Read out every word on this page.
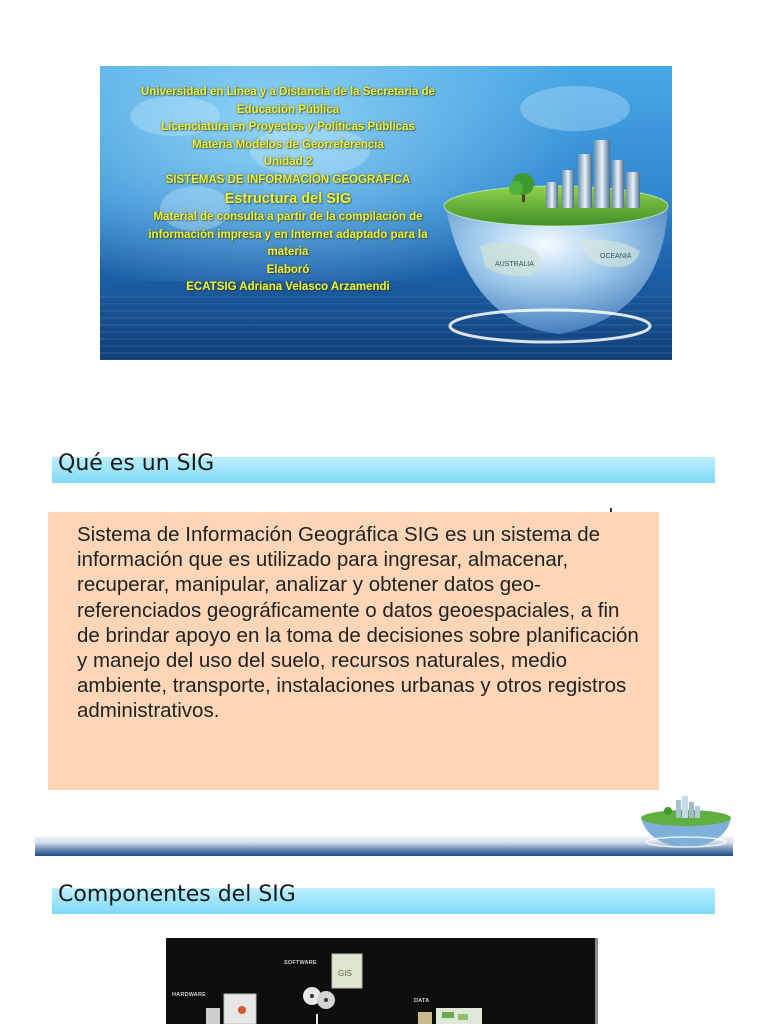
AUSTRALIA
OCEANIA
Universidad en Línea y a Distancia de la Secretaria de
Educación Pública
Licenciatura en Proyectos y Políticas Públicas
Materia Modelos de Georreferencia
Unidad 2
SISTEMAS DE INFORMACIÓN GEOGRÁFICA
Estructura del SIG
Material de consulta a partir de la compilación de
información impresa y en Internet adaptado para la
materia
Elaboró
ECATSIG Adriana Velasco Arzamendi
Qué es un SIG

Sistema de Información Geográfica SIG es un sistema de información que es utilizado para ingresar, almacenar, recuperar, manipular, analizar y obtener datos geo-referenciados geográficamente o datos geoespaciales, a fin de brindar apoyo en la toma de decisiones sobre planificación y manejo del uso del suelo, recursos naturales, medio ambiente, transporte, instalaciones urbanas y otros registros administrativos.

Componentes del SIG
SOFTWARE
HARDWARE
DATA
GIS
